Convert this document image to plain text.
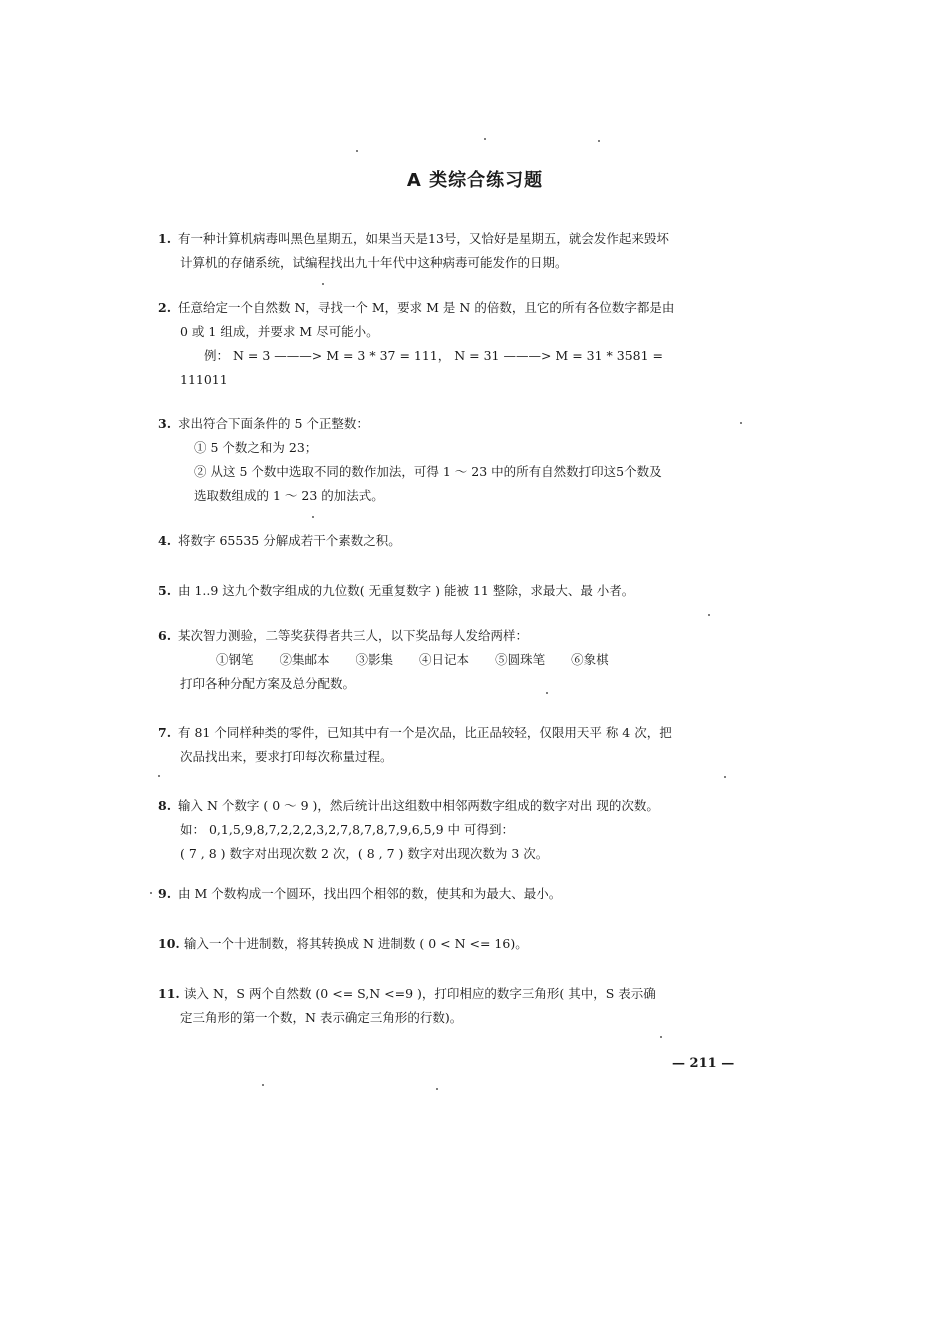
A 类综合练习题
1. 有一种计算机病毒叫黑色星期五，如果当天是13号，又恰好是星期五，就会发作起来毁坏
计算机的存储系统，试编程找出九十年代中这种病毒可能发作的日期。
2. 任意给定一个自然数 N，寻找一个 M，要求 M 是 N 的倍数，且它的所有各位数字都是由
0 或 1 组成，并要求 M 尽可能小。
例： N = 3 ———> M = 3 * 37 = 111， N = 31 ———> M = 31 * 3581 =
111011
3. 求出符合下面条件的 5 个正整数：
① 5 个数之和为 23；
② 从这 5 个数中选取不同的数作加法，可得 1 ～ 23 中的所有自然数打印这5个数及
选取数组成的 1 ～ 23 的加法式。
4. 将数字 65535 分解成若干个素数之积。
5. 由 1..9 这九个数字组成的九位数( 无重复数字 ) 能被 11 整除，求最大、最 小者。
6. 某次智力测验，二等奖获得者共三人，以下奖品每人发给两样：
①钢笔 ②集邮本 ③影集 ④日记本 ⑤圆珠笔 ⑥象棋
打印各种分配方案及总分配数。
7. 有 81 个同样种类的零件，已知其中有一个是次品，比正品较轻，仅限用天平 称 4 次，把
次品找出来，要求打印每次称量过程。
8. 输入 N 个数字 ( 0 ～ 9 )，然后统计出这组数中相邻两数字组成的数字对出 现的次数。
如： 0,1,5,9,8,7,2,2,2,3,2,7,8,7,8,7,9,6,5,9 中 可得到：
( 7 , 8 ) 数字对出现次数 2 次，( 8 , 7 ) 数字对出现次数为 3 次。
9. 由 M 个数构成一个圆环，找出四个相邻的数，使其和为最大、最小。
10. 输入一个十进制数，将其转换成 N 进制数 ( 0 < N <= 16)。
11. 读入 N，S 两个自然数 (0 <= S,N <=9 )，打印相应的数字三角形( 其中，S 表示确
定三角形的第一个数，N 表示确定三角形的行数)。
— 211 —
